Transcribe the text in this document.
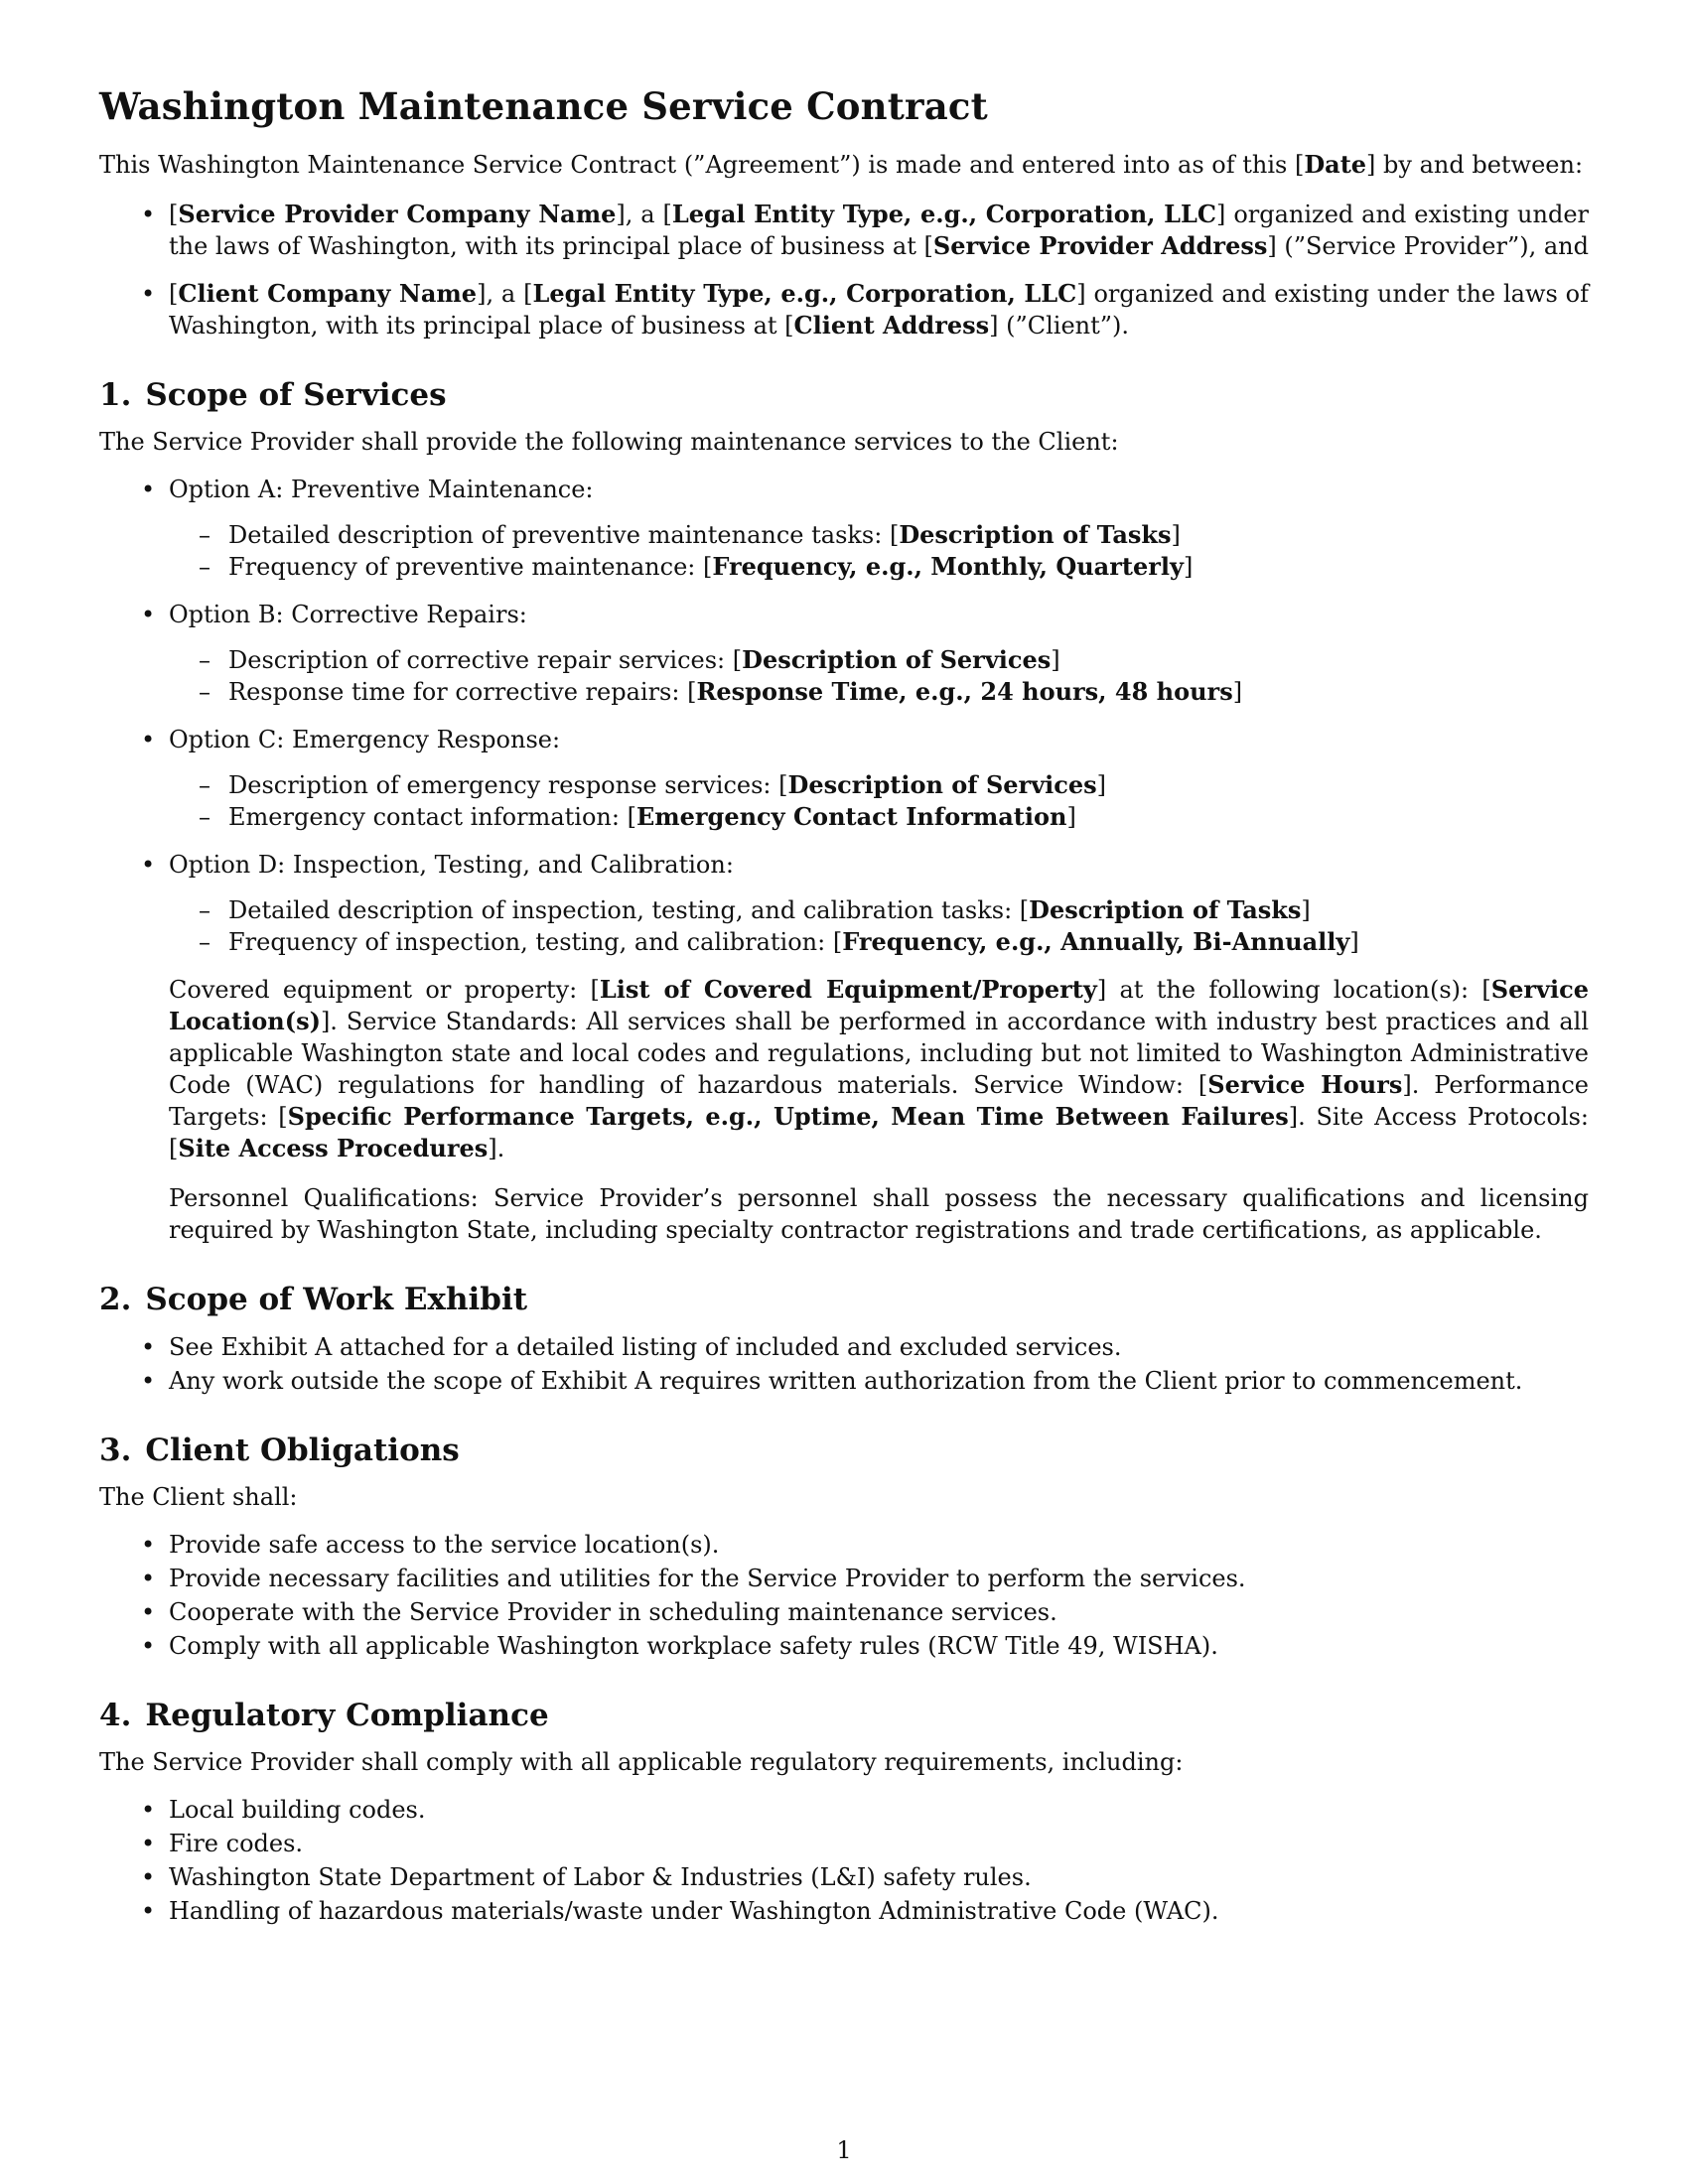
Washington Maintenance Service Contract

This Washington Maintenance Service Contract (”Agreement”) is made and entered into as of this [Date] by and between:

• [Service Provider Company Name], a [Legal Entity Type, e.g., Corporation, LLC] organized and existing under the laws of Washington, with its principal place of business at [Service Provider Address] (”Service Provider”), and
• [Client Company Name], a [Legal Entity Type, e.g., Corporation, LLC] organized and existing under the laws of Washington, with its principal place of business at [Client Address] (”Client”).
1. Scope of Services

The Service Provider shall provide the following maintenance services to the Client:

• Option A: Preventive Maintenance:
– Detailed description of preventive maintenance tasks: [Description of Tasks]
– Frequency of preventive maintenance: [Frequency, e.g., Monthly, Quarterly]
• Option B: Corrective Repairs:
– Description of corrective repair services: [Description of Services]
– Response time for corrective repairs: [Response Time, e.g., 24 hours, 48 hours]
• Option C: Emergency Response:
– Description of emergency response services: [Description of Services]
– Emergency contact information: [Emergency Contact Information]
• Option D: Inspection, Testing, and Calibration:
– Detailed description of inspection, testing, and calibration tasks: [Description of Tasks]
– Frequency of inspection, testing, and calibration: [Frequency, e.g., Annually, Bi-Annually]

Covered equipment or property: [List of Covered Equipment/Property] at the following location(s): [Service Location(s)]. Service Standards: All services shall be performed in accordance with industry best practices and all applicable Washington state and local codes and regulations, including but not limited to Washington Administrative Code (WAC) regulations for handling of hazardous materials. Service Window: [Service Hours]. Performance Targets: [Specific Performance Targets, e.g., Uptime, Mean Time Between Failures]. Site Access Protocols: [Site Access Procedures].

Personnel Qualifications: Service Provider’s personnel shall possess the necessary qualifications and licensing required by Washington State, including specialty contractor registrations and trade certifications, as applicable.

2. Scope of Work Exhibit
• See Exhibit A attached for a detailed listing of included and excluded services.
• Any work outside the scope of Exhibit A requires written authorization from the Client prior to commencement.
3. Client Obligations

The Client shall:

• Provide safe access to the service location(s).
• Provide necessary facilities and utilities for the Service Provider to perform the services.
• Cooperate with the Service Provider in scheduling maintenance services.
• Comply with all applicable Washington workplace safety rules (RCW Title 49, WISHA).
4. Regulatory Compliance

The Service Provider shall comply with all applicable regulatory requirements, including:

• Local building codes.
• Fire codes.
• Washington State Department of Labor & Industries (L&I) safety rules.
• Handling of hazardous materials/waste under Washington Administrative Code (WAC).
1
